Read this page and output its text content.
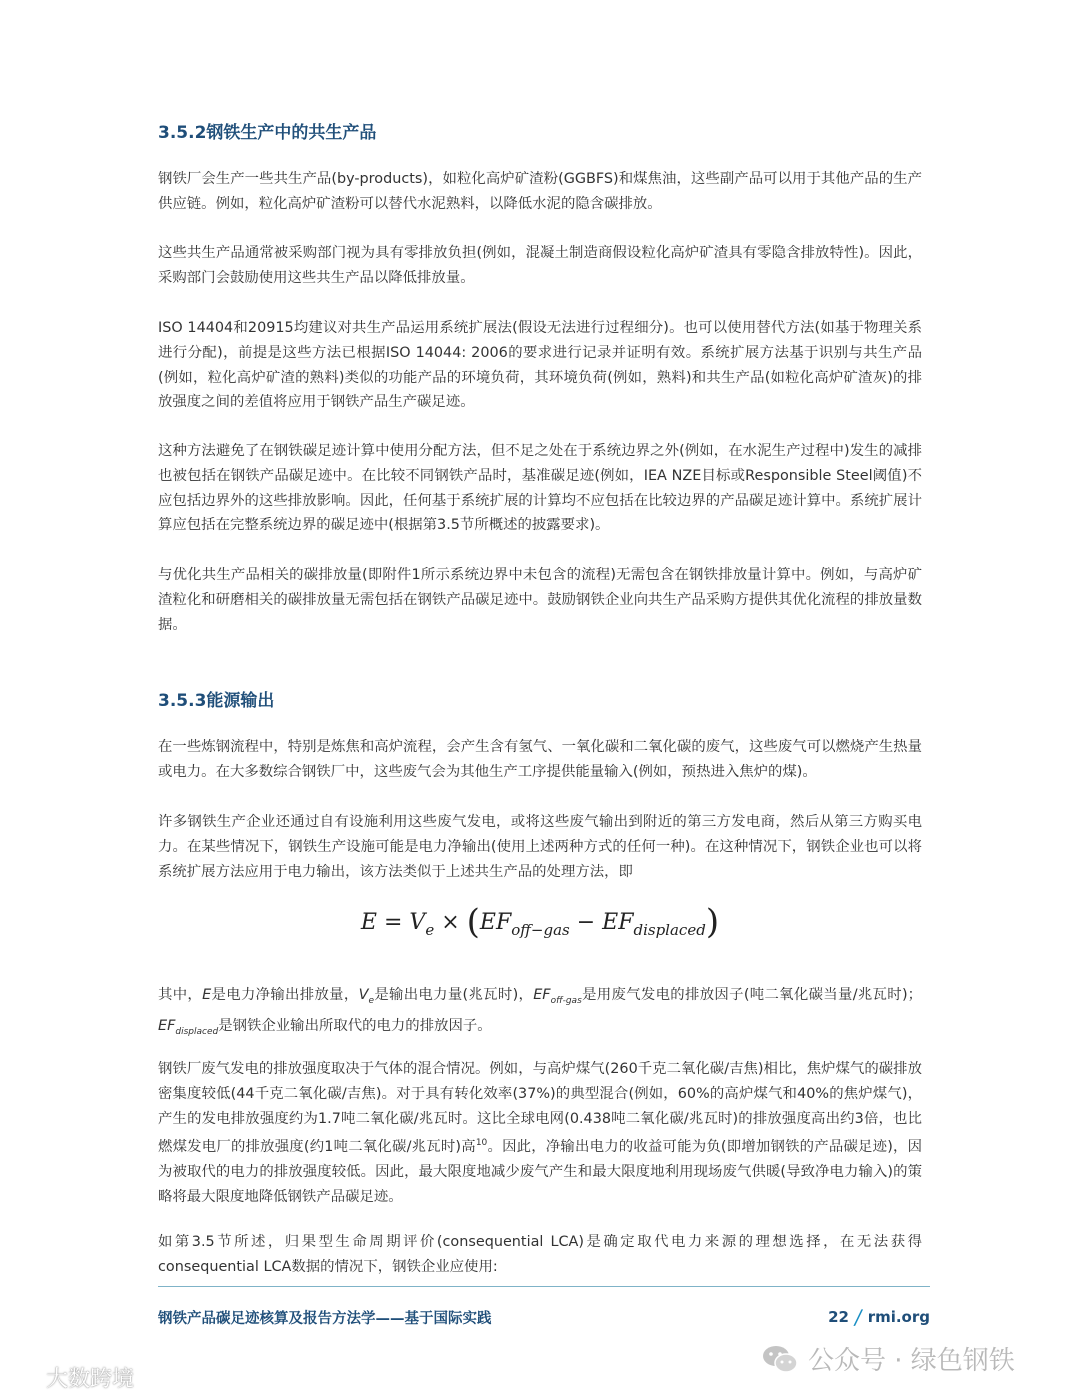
3.5.2钢铁生产中的共生产品

钢铁厂会生产一些共生产品(by-products)，如粒化高炉矿渣粉(GGBFS)和煤焦油，这些副产品可以用于其他产品的生产供应链。例如，粒化高炉矿渣粉可以替代水泥熟料，以降低水泥的隐含碳排放。

这些共生产品通常被采购部门视为具有零排放负担(例如，混凝土制造商假设粒化高炉矿渣具有零隐含排放特性)。因此，采购部门会鼓励使用这些共生产品以降低排放量。

ISO 14404和20915均建议对共生产品运用系统扩展法(假设无法进行过程细分)。也可以使用替代方法(如基于物理关系进行分配)，前提是这些方法已根据ISO 14044: 2006的要求进行记录并证明有效。系统扩展方法基于识别与共生产品(例如，粒化高炉矿渣的熟料)类似的功能产品的环境负荷，其环境负荷(例如，熟料)和共生产品(如粒化高炉矿渣灰)的排放强度之间的差值将应用于钢铁产品生产碳足迹。

这种方法避免了在钢铁碳足迹计算中使用分配方法，但不足之处在于系统边界之外(例如，在水泥生产过程中)发生的减排也被包括在钢铁产品碳足迹中。在比较不同钢铁产品时，基准碳足迹(例如，IEA NZE目标或Responsible Steel阈值)不应包括边界外的这些排放影响。因此，任何基于系统扩展的计算均不应包括在比较边界的产品碳足迹计算中。系统扩展计算应包括在完整系统边界的碳足迹中(根据第3.5节所概述的披露要求)。

与优化共生产品相关的碳排放量(即附件1所示系统边界中未包含的流程)无需包含在钢铁排放量计算中。例如，与高炉矿渣粒化和研磨相关的碳排放量无需包括在钢铁产品碳足迹中。鼓励钢铁企业向共生产品采购方提供其优化流程的排放量数据。

3.5.3能源输出

在一些炼钢流程中，特别是炼焦和高炉流程，会产生含有氢气、一氧化碳和二氧化碳的废气，这些废气可以燃烧产生热量或电力。在大多数综合钢铁厂中，这些废气会为其他生产工序提供能量输入(例如，预热进入焦炉的煤)。

许多钢铁生产企业还通过自有设施利用这些废气发电，或将这些废气输出到附近的第三方发电商，然后从第三方购买电力。在某些情况下，钢铁生产设施可能是电力净输出(使用上述两种方式的任何一种)。在这种情况下，钢铁企业也可以将系统扩展方法应用于电力输出，该方法类似于上述共生产品的处理方法，即

$E = V_e \times (EF_{off-gas} - EF_{displaced})$

其中，E是电力净输出排放量，$V_e$是输出电力量(兆瓦时)，$EF_{off-gas}$是用废气发电的排放因子(吨二氧化碳当量/兆瓦时)；$EF_{displaced}$是钢铁企业输出所取代的电力的排放因子。

钢铁厂废气发电的排放强度取决于气体的混合情况。例如，与高炉煤气(260千克二氧化碳/吉焦)相比，焦炉煤气的碳排放密集度较低(44千克二氧化碳/吉焦)。对于具有转化效率(37%)的典型混合(例如，60%的高炉煤气和40%的焦炉煤气)，产生的发电排放强度约为1.7吨二氧化碳/兆瓦时。这比全球电网(0.438吨二氧化碳/兆瓦时)的排放强度高出约3倍，也比燃煤发电厂的排放强度(约1吨二氧化碳/兆瓦时)高$^{10}$。因此，净输出电力的收益可能为负(即增加钢铁的产品碳足迹)，因为被取代的电力的排放强度较低。因此，最大限度地减少废气产生和最大限度地利用现场废气供暖(导致净电力输入)的策略将最大限度地降低钢铁产品碳足迹。

如第3.5节所述，归果型生命周期评价(consequential LCA)是确定取代电力来源的理想选择，在无法获得consequential LCA数据的情况下，钢铁企业应使用:

钢铁产品碳足迹核算及报告方法学——基于国际实践	22 / rmi.org
公众号 · 绿色钢铁
大数跨境
